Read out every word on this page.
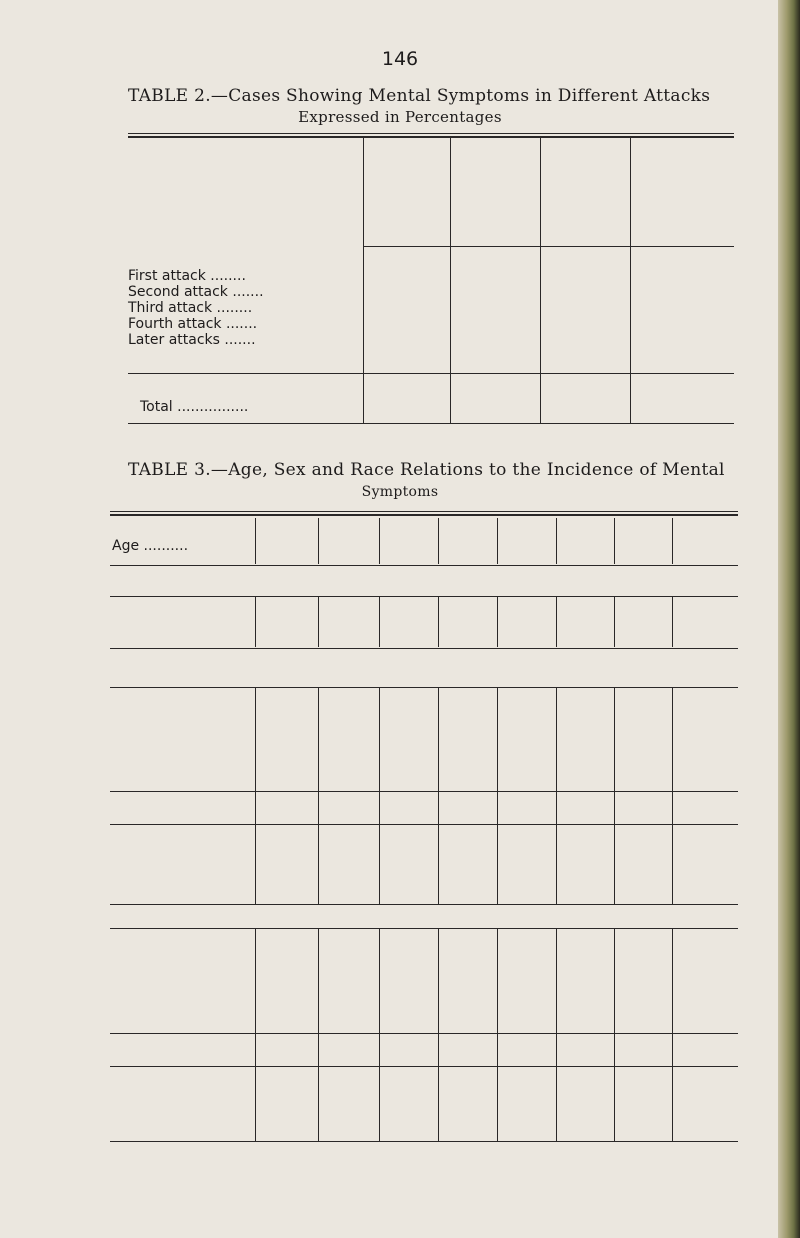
146
TABLE 2.—Cases Showing Mental Symptoms in Different Attacks
Expressed in Percentages
TABLE 3.—Age, Sex and Race Relations to the Incidence of Mental
Symptoms
First attack ........
Second attack .......
Third attack ........
Fourth attack .......
Later attacks .......
Total ................
Age ..........
